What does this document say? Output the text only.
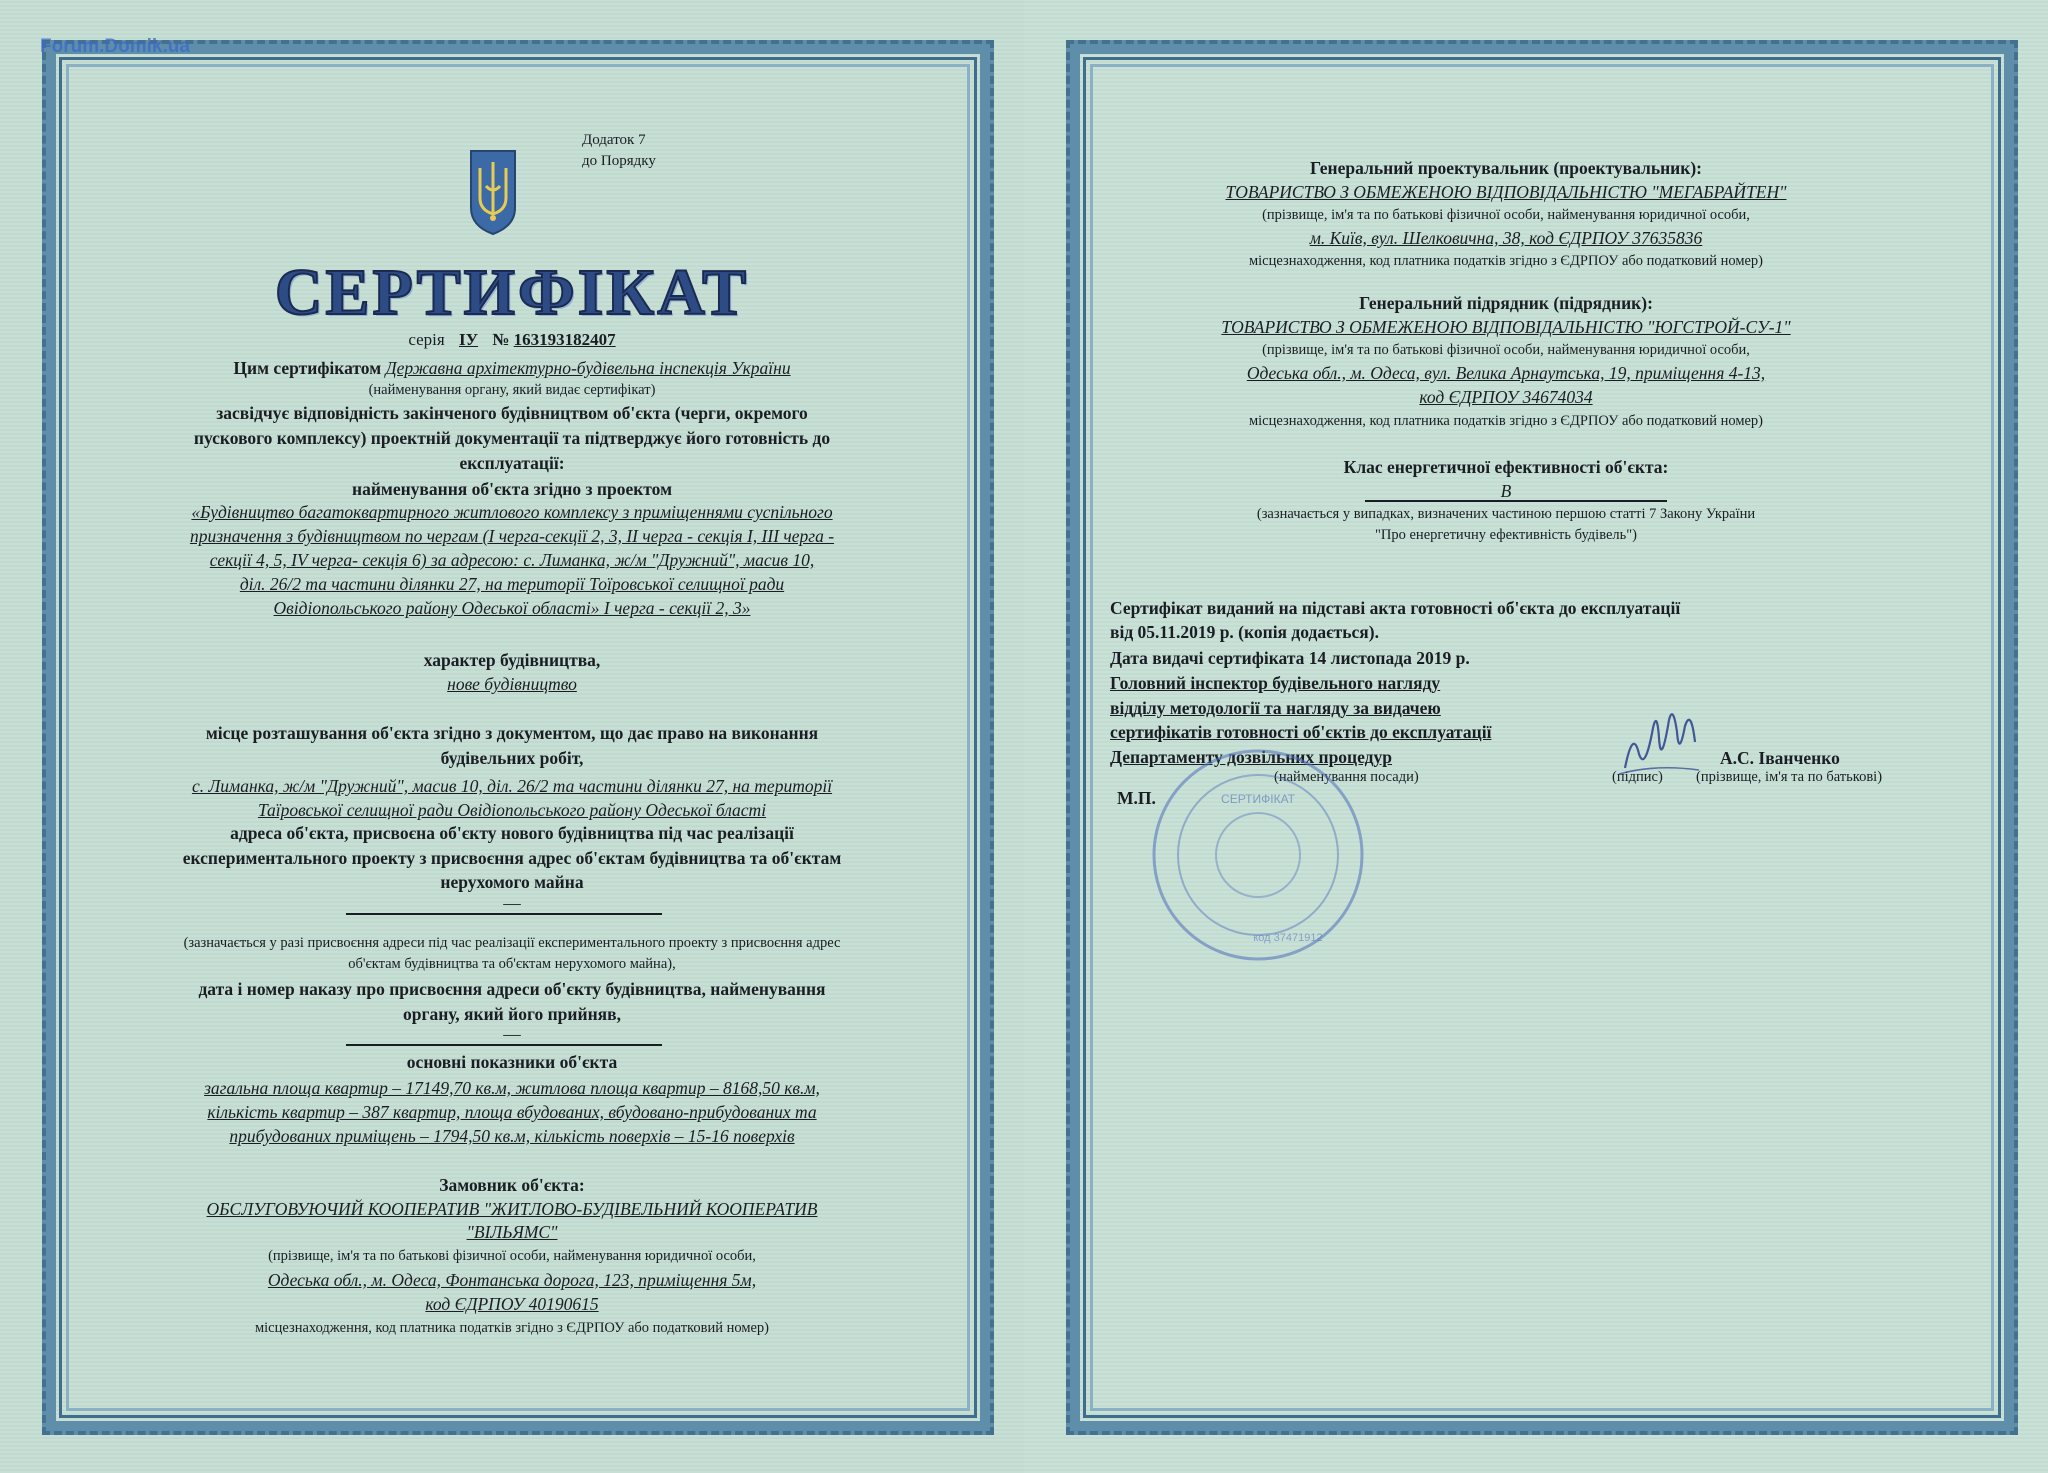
Forum.Domik.ua
Додаток 7
до Порядку
СЕРТИФІКАТ
серія ІУ № 163193182407
Цим сертифікатом Державна архітектурно-будівельна інспекція України
(найменування органу, який видає сертифікат)
засвідчує відповідність закінченого будівництвом об'єкта (черги, окремого
пускового комплексу) проектній документації та підтверджує його готовність до
експлуатації:
найменування об'єкта згідно з проектом
«Будівництво багатоквартирного житлового комплексу з приміщеннями суспільного
призначення з будівництвом по чергам (І черга-секції 2, 3, ІІ черга - секція І, ІІІ черга -
секції 4, 5, IV черга- секція 6) за адресою: с. Лиманка, ж/м "Дружний", масив 10,
діл. 26/2 та частини ділянки 27, на території Тоїровської селищної ради
Овідіопольського району Одеської області» І черга - секції 2, 3»
характер будівництва,
нове будівництво
місце розташування об'єкта згідно з документом, що дає право на виконання
будівельних робіт,
с. Лиманка, ж/м "Дружний", масив 10, діл. 26/2 та частини ділянки 27, на території
Таїровської селищної ради Овідіопольського району Одеської бласті
адреса об'єкта, присвоєна об'єкту нового будівництва під час реалізації
експериментального проекту з присвоєння адрес об'єктам будівництва та об'єктам
нерухомого майна
—
(зазначається у разі присвоєння адреси під час реалізації експериментального проекту з присвоєння адрес
об'єктам будівництва та об'єктам нерухомого майна),
дата і номер наказу про присвоєння адреси об'єкту будівництва, найменування
органу, який його прийняв,
—
основні показники об'єкта
загальна площа квартир – 17149,70 кв.м, житлова площа квартир – 8168,50 кв.м,
кількість квартир – 387 квартир, площа вбудованих, вбудовано-прибудованих та
прибудованих приміщень – 1794,50 кв.м, кількість поверхів – 15-16 поверхів
Замовник об'єкта:
ОБСЛУГОВУЮЧИЙ КООПЕРАТИВ "ЖИТЛОВО-БУДІВЕЛЬНИЙ КООПЕРАТИВ
"ВІЛЬЯМС"
(прізвище, ім'я та по батькові фізичної особи, найменування юридичної особи,
Одеська обл., м. Одеса, Фонтанська дорога, 123, приміщення 5м,
код ЄДРПОУ 40190615
місцезнаходження, код платника податків згідно з ЄДРПОУ або податковий номер)
Генеральний проектувальник (проектувальник):
ТОВАРИСТВО З ОБМЕЖЕНОЮ ВІДПОВІДАЛЬНІСТЮ "МЕГАБРАЙТЕН"
(прізвище, ім'я та по батькові фізичної особи, найменування юридичної особи,
м. Київ, вул. Шелковична, 38, код ЄДРПОУ 37635836
місцезнаходження, код платника податків згідно з ЄДРПОУ або податковий номер)
Генеральний підрядник (підрядник):
ТОВАРИСТВО З ОБМЕЖЕНОЮ ВІДПОВІДАЛЬНІСТЮ "ЮГСТРОЙ-СУ-1"
(прізвище, ім'я та по батькові фізичної особи, найменування юридичної особи,
Одеська обл., м. Одеса, вул. Велика Арнаутська, 19, приміщення 4-13,
код ЄДРПОУ 34674034
місцезнаходження, код платника податків згідно з ЄДРПОУ або податковий номер)
Клас енергетичної ефективності об'єкта:
B
(зазначається у випадках, визначених частиною першою статті 7 Закону України
"Про енергетичну ефективність будівель")
Сертифікат виданий на підставі акта готовності об'єкта до експлуатації
від 05.11.2019 р. (копія додається).
Дата видачі сертифіката 14 листопада 2019 р.
Головний інспектор будівельного нагляду
відділу методології та нагляду за видачею
сертифікатів готовності об'єктів до експлуатації
Департаменту дозвільних процедур
(найменування посади)	(підпис)
А.С. Іванченко
(прізвище, ім'я та по батькові)
М.П.	СЕРТИФІКАТ
код 37471912
